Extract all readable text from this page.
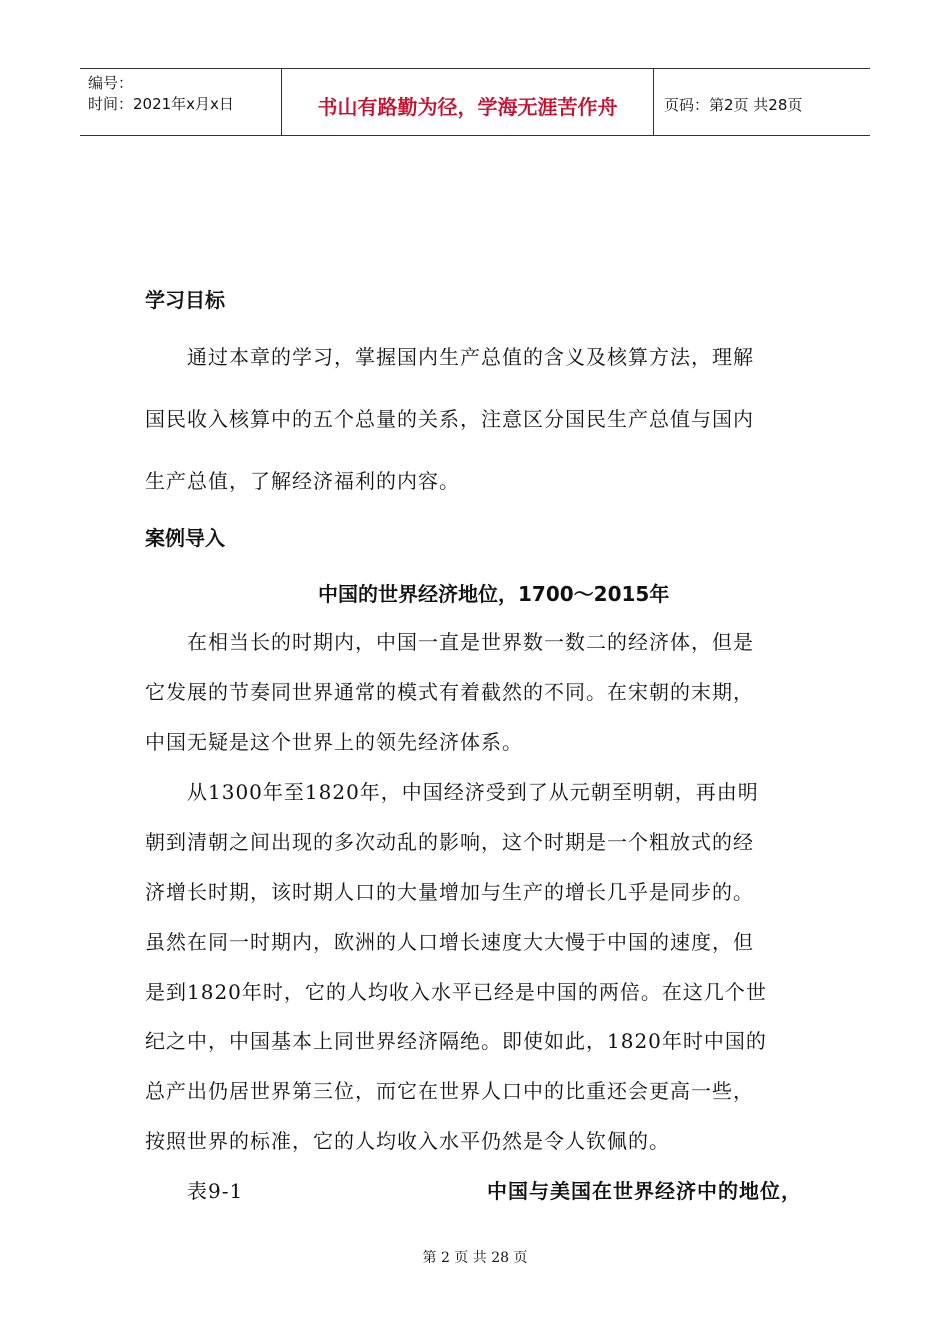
编号：
时间：2021年x月x日	书山有路勤为径，学海无涯苦作舟	页码：第2页 共28页
学习目标
通过本章的学习，掌握国内生产总值的含义及核算方法，理解
国民收入核算中的五个总量的关系，注意区分国民生产总值与国内
生产总值，了解经济福利的内容。
案例导入
中国的世界经济地位，1700～2015年
在相当长的时期内，中国一直是世界数一数二的经济体，但是
它发展的节奏同世界通常的模式有着截然的不同。在宋朝的末期，
中国无疑是这个世界上的领先经济体系。
从1300年至1820年，中国经济受到了从元朝至明朝，再由明
朝到清朝之间出现的多次动乱的影响，这个时期是一个粗放式的经
济增长时期，该时期人口的大量增加与生产的增长几乎是同步的。
虽然在同一时期内，欧洲的人口增长速度大大慢于中国的速度，但
是到1820年时，它的人均收入水平已经是中国的两倍。在这几个世
纪之中，中国基本上同世界经济隔绝。即使如此，1820年时中国的
总产出仍居世界第三位，而它在世界人口中的比重还会更高一些，
按照世界的标准，它的人均收入水平仍然是令人钦佩的。
表9-1	中国与美国在世界经济中的地位，
第 2 页 共 28 页
